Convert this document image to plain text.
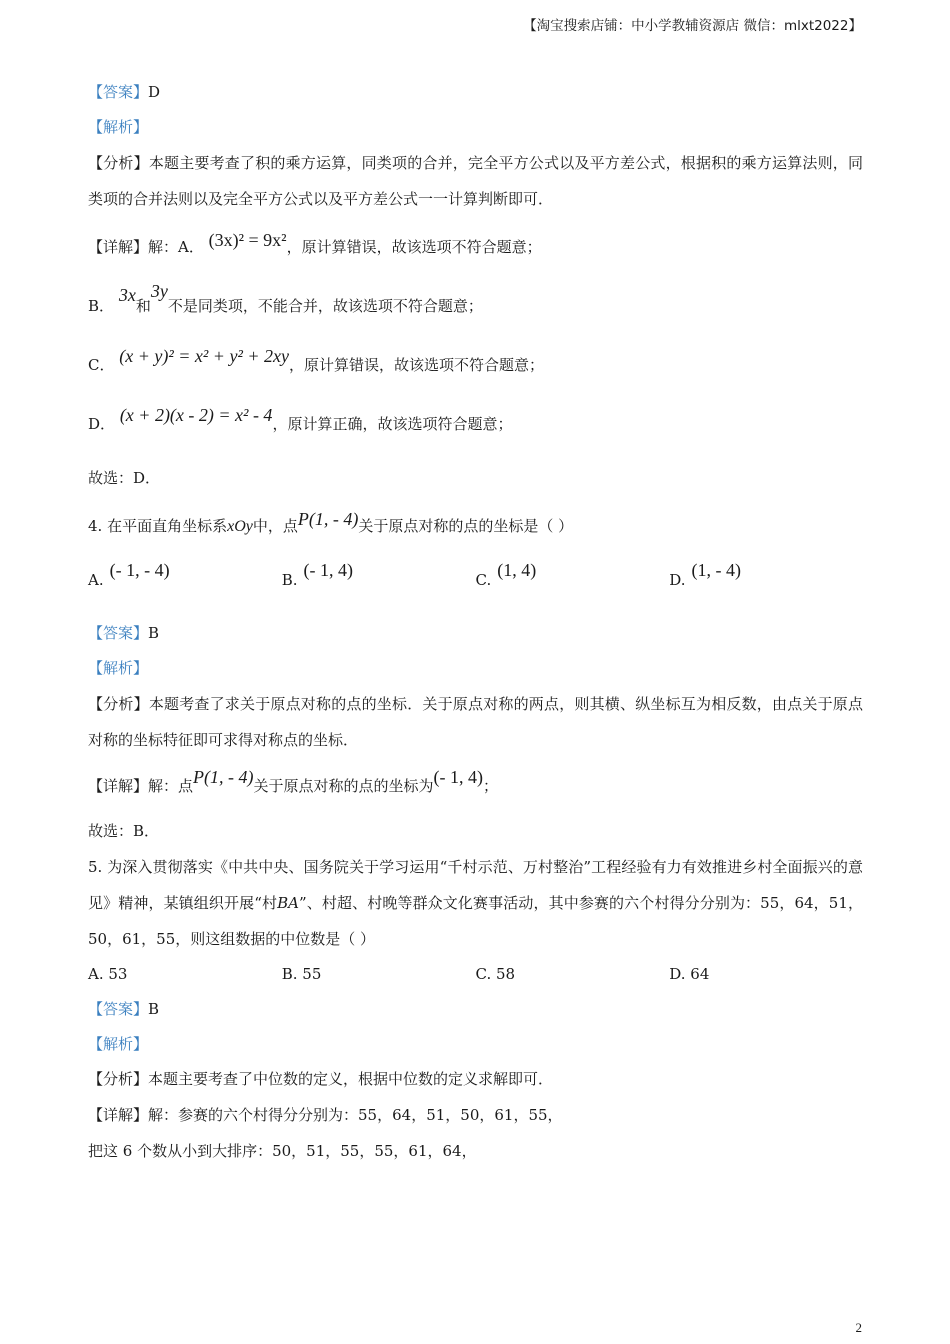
【淘宝搜索店铺：中小学教辅资源店 微信：mlxt2022】
【答案】D
【解析】
【分析】本题主要考查了积的乘方运算，同类项的合并，完全平方公式以及平方差公式，根据积的乘方运算法则，同类项的合并法则以及完全平方公式以及平方差公式一一计算判断即可．
【详解】解：A． (3x)² = 9x²，原计算错误，故该选项不符合题意；
B． 3x和3y不是同类项，不能合并，故该选项不符合题意；
C． (x + y)² = x² + y² + 2xy，原计算错误，故该选项不符合题意；
D． (x + 2)(x - 2) = x² - 4，原计算正确，故该选项符合题意；
故选：D．
4. 在平面直角坐标系xOy中，点P(1, - 4)关于原点对称的点的坐标是（ ）
A. (- 1, - 4)	B. (- 1, 4)	C. (1, 4)	D. (1, - 4)
【答案】B
【解析】
【分析】本题考查了求关于原点对称的点的坐标．关于原点对称的两点，则其横、纵坐标互为相反数，由点关于原点对称的坐标特征即可求得对称点的坐标．
【详解】解：点P(1, - 4)关于原点对称的点的坐标为(- 1, 4)；
故选：B．
5. 为深入贯彻落实《中共中央、国务院关于学习运用“千村示范、万村整治”工程经验有力有效推进乡村全面振兴的意见》精神，某镇组织开展“村BA”、村超、村晚等群众文化赛事活动，其中参赛的六个村得分分别为：55，64，51，50，61，55，则这组数据的中位数是（ ）
A. 53	B. 55	C. 58	D. 64
【答案】B
【解析】
【分析】本题主要考查了中位数的定义，根据中位数的定义求解即可．
【详解】解：参赛的六个村得分分别为：55，64，51，50，61，55，
把这 6 个数从小到大排序：50，51，55，55，61，64，
2
